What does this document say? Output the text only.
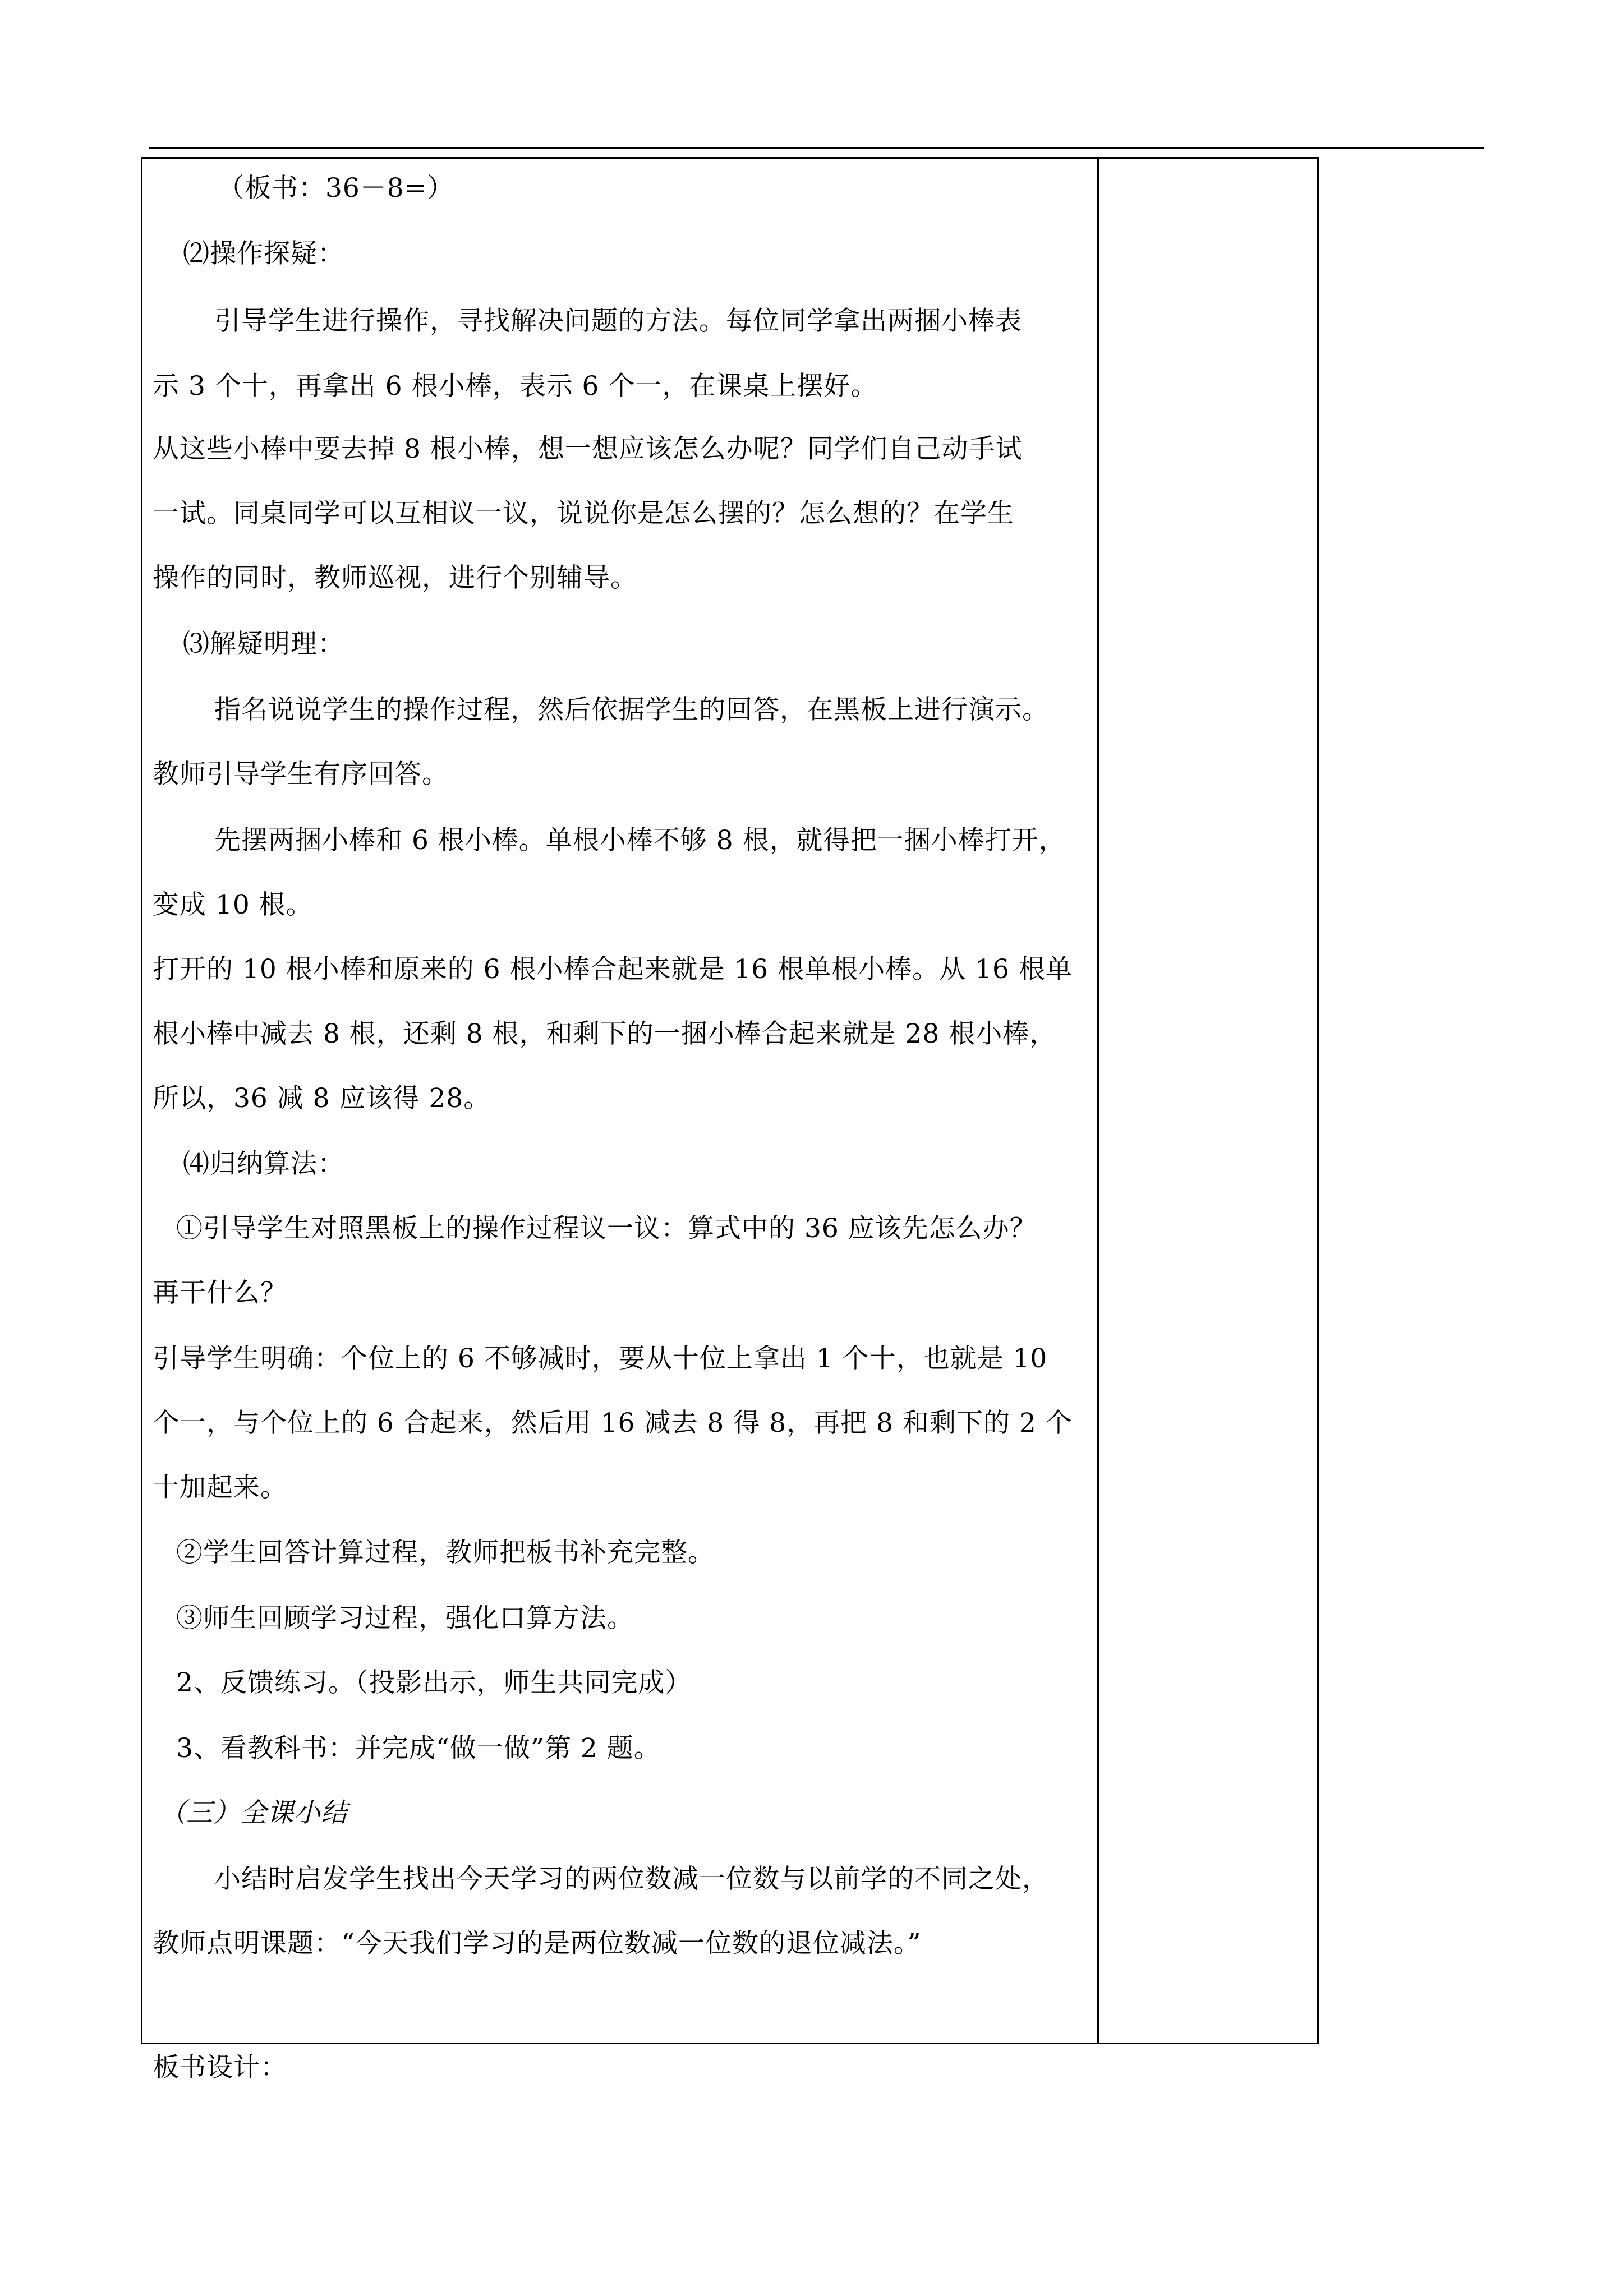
（板书：36－8=）
⑵操作探疑：
引导学生进行操作，寻找解决问题的方法。每位同学拿出两捆小棒表
示 3 个十，再拿出 6 根小棒，表示 6 个一，在课桌上摆好。
从这些小棒中要去掉 8 根小棒，想一想应该怎么办呢？同学们自己动手试
一试。同桌同学可以互相议一议，说说你是怎么摆的？怎么想的？在学生
操作的同时，教师巡视，进行个别辅导。
⑶解疑明理：
指名说说学生的操作过程，然后依据学生的回答，在黑板上进行演示。
教师引导学生有序回答。
先摆两捆小棒和 6 根小棒。单根小棒不够 8 根，就得把一捆小棒打开，
变成 10 根。
打开的 10 根小棒和原来的 6 根小棒合起来就是 16 根单根小棒。从 16 根单
根小棒中减去 8 根，还剩 8 根，和剩下的一捆小棒合起来就是 28 根小棒，
所以，36 减 8 应该得 28。
⑷归纳算法：
①引导学生对照黑板上的操作过程议一议：算式中的 36 应该先怎么办？
再干什么？
引导学生明确：个位上的 6 不够减时，要从十位上拿出 1 个十，也就是 10
个一，与个位上的 6 合起来，然后用 16 减去 8 得 8，再把 8 和剩下的 2 个
十加起来。
②学生回答计算过程，教师把板书补充完整。
③师生回顾学习过程，强化口算方法。
2、反馈练习。（投影出示，师生共同完成）
3、看教科书：并完成“做一做”第 2 题。
（三）全课小结
小结时启发学生找出今天学习的两位数减一位数与以前学的不同之处，
教师点明课题：“今天我们学习的是两位数减一位数的退位减法。”
板书设计：
